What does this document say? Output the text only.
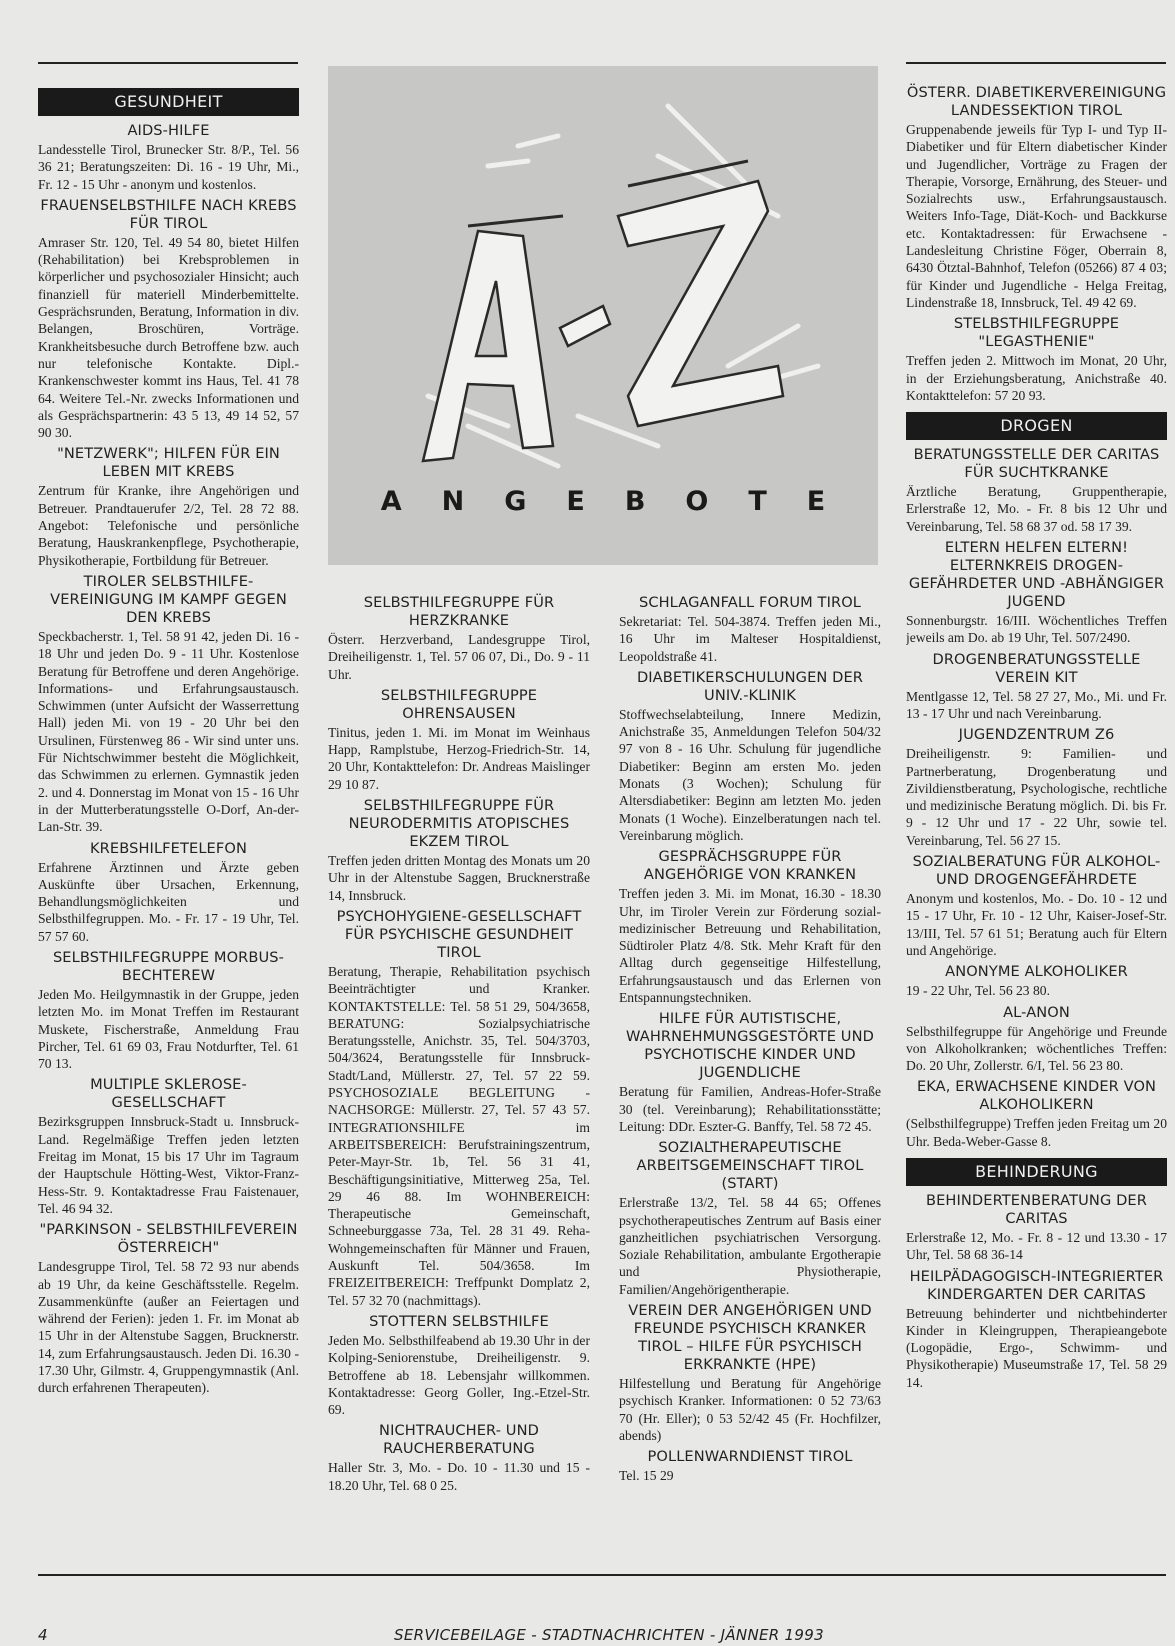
GESUNDHEIT
AIDS-HILFE

Landesstelle Tirol, Brunecker Str. 8/P., Tel. 56 36 21; Beratungszeiten: Di. 16 - 19 Uhr, Mi., Fr. 12 - 15 Uhr - anonym und kostenlos.

FRAUENSELBSTHILFE NACH KREBS FÜR TIROL

Amraser Str. 120, Tel. 49 54 80, bietet Hilfen (Rehabilitation) bei Krebsproblemen in körperlicher und psychosozialer Hinsicht; auch finanziell für materiell Minderbemittelte. Gesprächsrunden, Beratung, Information in div. Belangen, Broschüren, Vorträge. Krankheitsbesuche durch Betroffene bzw. auch nur telefonische Kontakte. Dipl.-Krankenschwester kommt ins Haus, Tel. 41 78 64. Weitere Tel.-Nr. zwecks Informationen und als Gesprächspartnerin: 43 5 13, 49 14 52, 57 90 30.

"NETZWERK"; HILFEN FÜR EIN LEBEN MIT KREBS

Zentrum für Kranke, ihre Angehörigen und Betreuer. Prandtauerufer 2/2, Tel. 28 72 88. Angebot: Telefonische und persönliche Beratung, Hauskrankenpflege, Psychotherapie, Physikotherapie, Fortbildung für Betreuer.

TIROLER SELBSTHILFE-VEREINIGUNG IM KAMPF GEGEN DEN KREBS

Speckbacherstr. 1, Tel. 58 91 42, jeden Di. 16 - 18 Uhr und jeden Do. 9 - 11 Uhr. Kostenlose Beratung für Betroffene und deren Angehörige. Informations- und Erfahrungsaustausch. Schwimmen (unter Aufsicht der Wasserrettung Hall) jeden Mi. von 19 - 20 Uhr bei den Ursulinen, Fürstenweg 86 - Wir sind unter uns. Für Nichtschwimmer besteht die Möglichkeit, das Schwimmen zu erlernen. Gymnastik jeden 2. und 4. Donnerstag im Monat von 15 - 16 Uhr in der Mutterberatungsstelle O-Dorf, An-der-Lan-Str. 39.

KREBSHILFETELEFON

Erfahrene Ärztinnen und Ärzte geben Auskünfte über Ursachen, Erkennung, Behandlungsmöglichkeiten und Selbsthilfegruppen. Mo. - Fr. 17 - 19 Uhr, Tel. 57 57 60.

SELBSTHILFEGRUPPE MORBUS-BECHTEREW

Jeden Mo. Heilgymnastik in der Gruppe, jeden letzten Mo. im Monat Treffen im Restaurant Muskete, Fischerstraße, Anmeldung Frau Pircher, Tel. 61 69 03, Frau Notdurfter, Tel. 61 70 13.

MULTIPLE SKLEROSE-GESELLSCHAFT

Bezirksgruppen Innsbruck-Stadt u. Innsbruck-Land. Regelmäßige Treffen jeden letzten Freitag im Monat, 15 bis 17 Uhr im Tagraum der Hauptschule Hötting-West, Viktor-Franz-Hess-Str. 9. Kontaktadresse Frau Faistenauer, Tel. 46 94 32.

"PARKINSON - SELBSTHILFEVEREIN ÖSTERREICH"

Landesgruppe Tirol, Tel. 58 72 93 nur abends ab 19 Uhr, da keine Geschäftsstelle. Regelm. Zusammenkünfte (außer an Feiertagen und während der Ferien): jeden 1. Fr. im Monat ab 15 Uhr in der Altenstube Saggen, Brucknerstr. 14, zum Erfahrungsaustausch. Jeden Di. 16.30 - 17.30 Uhr, Gilmstr. 4, Gruppengymnastik (Anl. durch erfahrenen Therapeuten).

ANGEBOTE
SELBSTHILFEGRUPPE FÜR HERZKRANKE

Österr. Herzverband, Landesgruppe Tirol, Dreiheiligenstr. 1, Tel. 57 06 07, Di., Do. 9 - 11 Uhr.

SELBSTHILFEGRUPPE OHRENSAUSEN

Tinitus, jeden 1. Mi. im Monat im Weinhaus Happ, Ramplstube, Herzog-Friedrich-Str. 14, 20 Uhr, Kontakttelefon: Dr. Andreas Maislinger 29 10 87.

SELBSTHILFEGRUPPE FÜR NEURODERMITIS ATOPISCHES EKZEM TIROL

Treffen jeden dritten Montag des Monats um 20 Uhr in der Altenstube Saggen, Brucknerstraße 14, Innsbruck.

PSYCHOHYGIENE-GESELLSCHAFT FÜR PSYCHISCHE GESUNDHEIT TIROL

Beratung, Therapie, Rehabilitation psychisch Beeinträchtigter und Kranker. KONTAKTSTELLE: Tel. 58 51 29, 504/3658, BERATUNG: Sozialpsychiatrische Beratungsstelle, Anichstr. 35, Tel. 504/3703, 504/3624, Beratungsstelle für Innsbruck-Stadt/Land, Müllerstr. 27, Tel. 57 22 59. PSYCHOSOZIALE BEGLEITUNG - NACHSORGE: Müllerstr. 27, Tel. 57 43 57. INTEGRATIONSHILFE im ARBEITSBEREICH: Berufstrainingszentrum, Peter-Mayr-Str. 1b, Tel. 56 31 41, Beschäftigungsinitiative, Mitterweg 25a, Tel. 29 46 88. Im WOHNBEREICH: Therapeutische Gemeinschaft, Schneeburggasse 73a, Tel. 28 31 49. Reha-Wohngemeinschaften für Männer und Frauen, Auskunft Tel. 504/3658. Im FREIZEITBEREICH: Treffpunkt Domplatz 2, Tel. 57 32 70 (nachmittags).

STOTTERN SELBSTHILFE

Jeden Mo. Selbsthilfeabend ab 19.30 Uhr in der Kolping-Seniorenstube, Dreiheiligenstr. 9. Betroffene ab 18. Lebensjahr willkommen. Kontaktadresse: Georg Goller, Ing.-Etzel-Str. 69.

NICHTRAUCHER- UND RAUCHERBERATUNG

Haller Str. 3, Mo. - Do. 10 - 11.30 und 15 - 18.20 Uhr, Tel. 68 0 25.

SCHLAGANFALL FORUM TIROL

Sekretariat: Tel. 504-3874. Treffen jeden Mi., 16 Uhr im Malteser Hospitaldienst, Leopoldstraße 41.

DIABETIKERSCHULUNGEN DER UNIV.-KLINIK

Stoffwechselabteilung, Innere Medizin, Anichstraße 35, Anmeldungen Telefon 504/32 97 von 8 - 16 Uhr. Schulung für jugendliche Diabetiker: Beginn am ersten Mo. jeden Monats (3 Wochen); Schulung für Altersdiabetiker: Beginn am letzten Mo. jeden Monats (1 Woche). Einzelberatungen nach tel. Vereinbarung möglich.

GESPRÄCHSGRUPPE FÜR ANGEHÖRIGE VON KRANKEN

Treffen jeden 3. Mi. im Monat, 16.30 - 18.30 Uhr, im Tiroler Verein zur Förderung sozial-medizinischer Betreuung und Rehabilitation, Südtiroler Platz 4/8. Stk. Mehr Kraft für den Alltag durch gegenseitige Hilfestellung, Erfahrungsaustausch und das Erlernen von Entspannungstechniken.

HILFE FÜR AUTISTISCHE, WAHRNEHMUNGSGESTÖRTE UND PSYCHOTISCHE KINDER UND JUGENDLICHE

Beratung für Familien, Andreas-Hofer-Straße 30 (tel. Vereinbarung); Rehabilitationsstätte; Leitung: DDr. Eszter-G. Banffy, Tel. 58 72 45.

SOZIALTHERAPEUTISCHE ARBEITSGEMEINSCHAFT TIROL (START)

Erlerstraße 13/2, Tel. 58 44 65; Offenes psychotherapeutisches Zentrum auf Basis einer ganzheitlichen psychiatrischen Versorgung. Soziale Rehabilitation, ambulante Ergotherapie und Physiotherapie, Familien/Angehörigentherapie.

VEREIN DER ANGEHÖRIGEN UND FREUNDE PSYCHISCH KRANKER TIROL – HILFE FÜR PSYCHISCH ERKRANKTE (HPE)

Hilfestellung und Beratung für Angehörige psychisch Kranker. Informationen: 0 52 73/63 70 (Hr. Eller); 0 53 52/42 45 (Fr. Hochfilzer, abends)

POLLENWARNDIENST TIROL

Tel. 15 29

ÖSTERR. DIABETIKERVEREINIGUNG LANDESSEKTION TIROL

Gruppenabende jeweils für Typ I- und Typ II-Diabetiker und für Eltern diabetischer Kinder und Jugendlicher, Vorträge zu Fragen der Therapie, Vorsorge, Ernährung, des Steuer- und Sozialrechts usw., Erfahrungsaustausch. Weiters Info-Tage, Diät-Koch- und Backkurse etc. Kontaktadressen: für Erwachsene - Landesleitung Christine Föger, Oberrain 8, 6430 Ötztal-Bahnhof, Telefon (05266) 87 4 03; für Kinder und Jugendliche - Helga Freitag, Lindenstraße 18, Innsbruck, Tel. 49 42 69.

STELBSTHILFEGRUPPE "LEGASTHENIE"

Treffen jeden 2. Mittwoch im Monat, 20 Uhr, in der Erziehungsberatung, Anichstraße 40. Kontakttelefon: 57 20 93.

DROGEN
BERATUNGSSTELLE DER CARITAS FÜR SUCHTKRANKE

Ärztliche Beratung, Gruppentherapie, Erlerstraße 12, Mo. - Fr. 8 bis 12 Uhr und Vereinbarung, Tel. 58 68 37 od. 58 17 39.

ELTERN HELFEN ELTERN! ELTERNKREIS DROGEN-GEFÄHRDETER UND -ABHÄNGIGER JUGEND

Sonnenburgstr. 16/III. Wöchentliches Treffen jeweils am Do. ab 19 Uhr, Tel. 507/2490.

DROGENBERATUNGSSTELLE VEREIN KIT

Mentlgasse 12, Tel. 58 27 27, Mo., Mi. und Fr. 13 - 17 Uhr und nach Vereinbarung.

JUGENDZENTRUM Z6

Dreiheiligenstr. 9: Familien- und Partnerberatung, Drogenberatung und Zivildienstberatung, Psychologische, rechtliche und medizinische Beratung möglich. Di. bis Fr. 9 - 12 Uhr und 17 - 22 Uhr, sowie tel. Vereinbarung, Tel. 56 27 15.

SOZIALBERATUNG FÜR ALKOHOL- UND DROGENGEFÄHRDETE

Anonym und kostenlos, Mo. - Do. 10 - 12 und 15 - 17 Uhr, Fr. 10 - 12 Uhr, Kaiser-Josef-Str. 13/III, Tel. 57 61 51; Beratung auch für Eltern und Angehörige.

ANONYME ALKOHOLIKER

19 - 22 Uhr, Tel. 56 23 80.

AL-ANON

Selbsthilfegruppe für Angehörige und Freunde von Alkoholkranken; wöchentliches Treffen: Do. 20 Uhr, Zollerstr. 6/I, Tel. 56 23 80.

EKA, ERWACHSENE KINDER VON ALKOHOLIKERN

(Selbsthilfegruppe) Treffen jeden Freitag um 20 Uhr. Beda-Weber-Gasse 8.

BEHINDERUNG
BEHINDERTENBERATUNG DER CARITAS

Erlerstraße 12, Mo. - Fr. 8 - 12 und 13.30 - 17 Uhr, Tel. 58 68 36-14

HEILPÄDAGOGISCH-INTEGRIERTER KINDERGARTEN DER CARITAS

Betreuung behinderter und nichtbehinderter Kinder in Kleingruppen, Therapieangebote (Logopädie, Ergo-, Schwimm- und Physikotherapie) Museumstraße 17, Tel. 58 29 14.

4	SERVICEBEILAGE - STADTNACHRICHTEN - JÄNNER 1993
